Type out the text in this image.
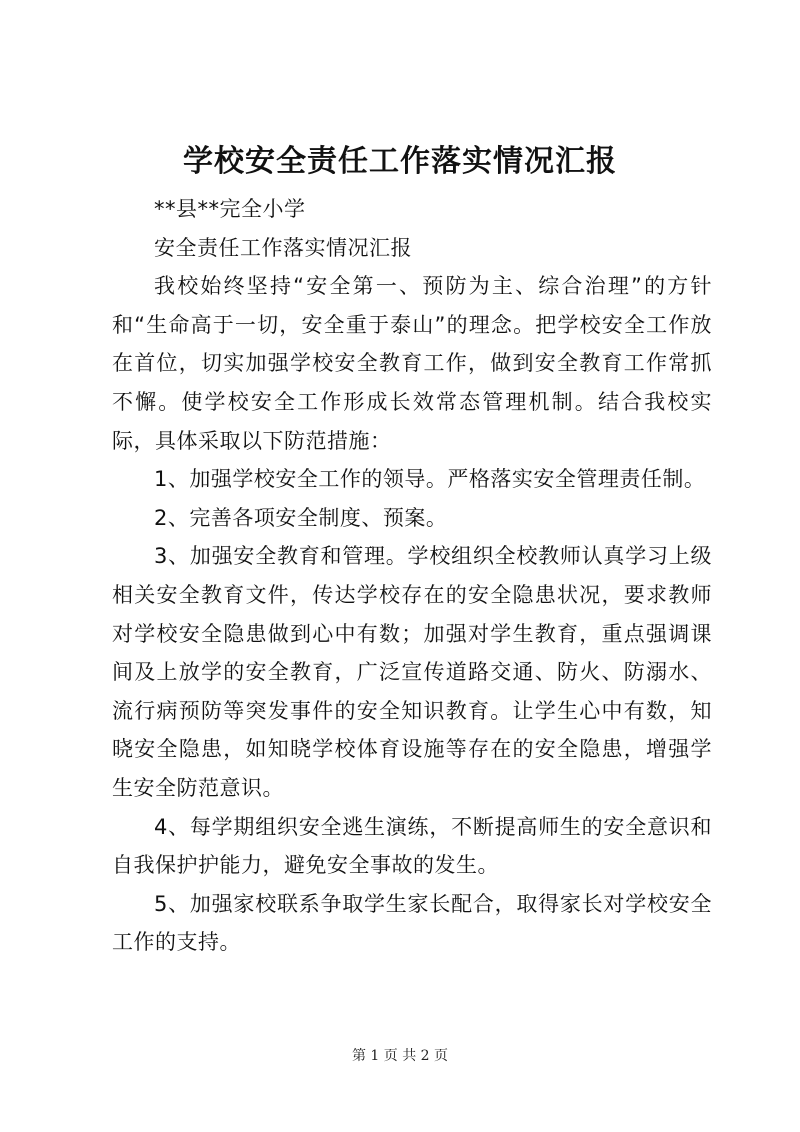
学校安全责任工作落实情况汇报

**县**完全小学

安全责任工作落实情况汇报

我校始终坚持“安全第一、预防为主、综合治理”的方针和“生命高于一切，安全重于泰山”的理念。把学校安全工作放在首位，切实加强学校安全教育工作，做到安全教育工作常抓不懈。使学校安全工作形成长效常态管理机制。结合我校实际，具体采取以下防范措施：

1、加强学校安全工作的领导。严格落实安全管理责任制。

2、完善各项安全制度、预案。

3、加强安全教育和管理。学校组织全校教师认真学习上级相关安全教育文件，传达学校存在的安全隐患状况，要求教师对学校安全隐患做到心中有数；加强对学生教育，重点强调课间及上放学的安全教育，广泛宣传道路交通、防火、防溺水、流行病预防等突发事件的安全知识教育。让学生心中有数，知晓安全隐患，如知晓学校体育设施等存在的安全隐患，增强学生安全防范意识。

4、每学期组织安全逃生演练，不断提高师生的安全意识和自我保护护能力，避免安全事故的发生。

5、加强家校联系争取学生家长配合，取得家长对学校安全工作的支持。

第 1 页 共 2 页
